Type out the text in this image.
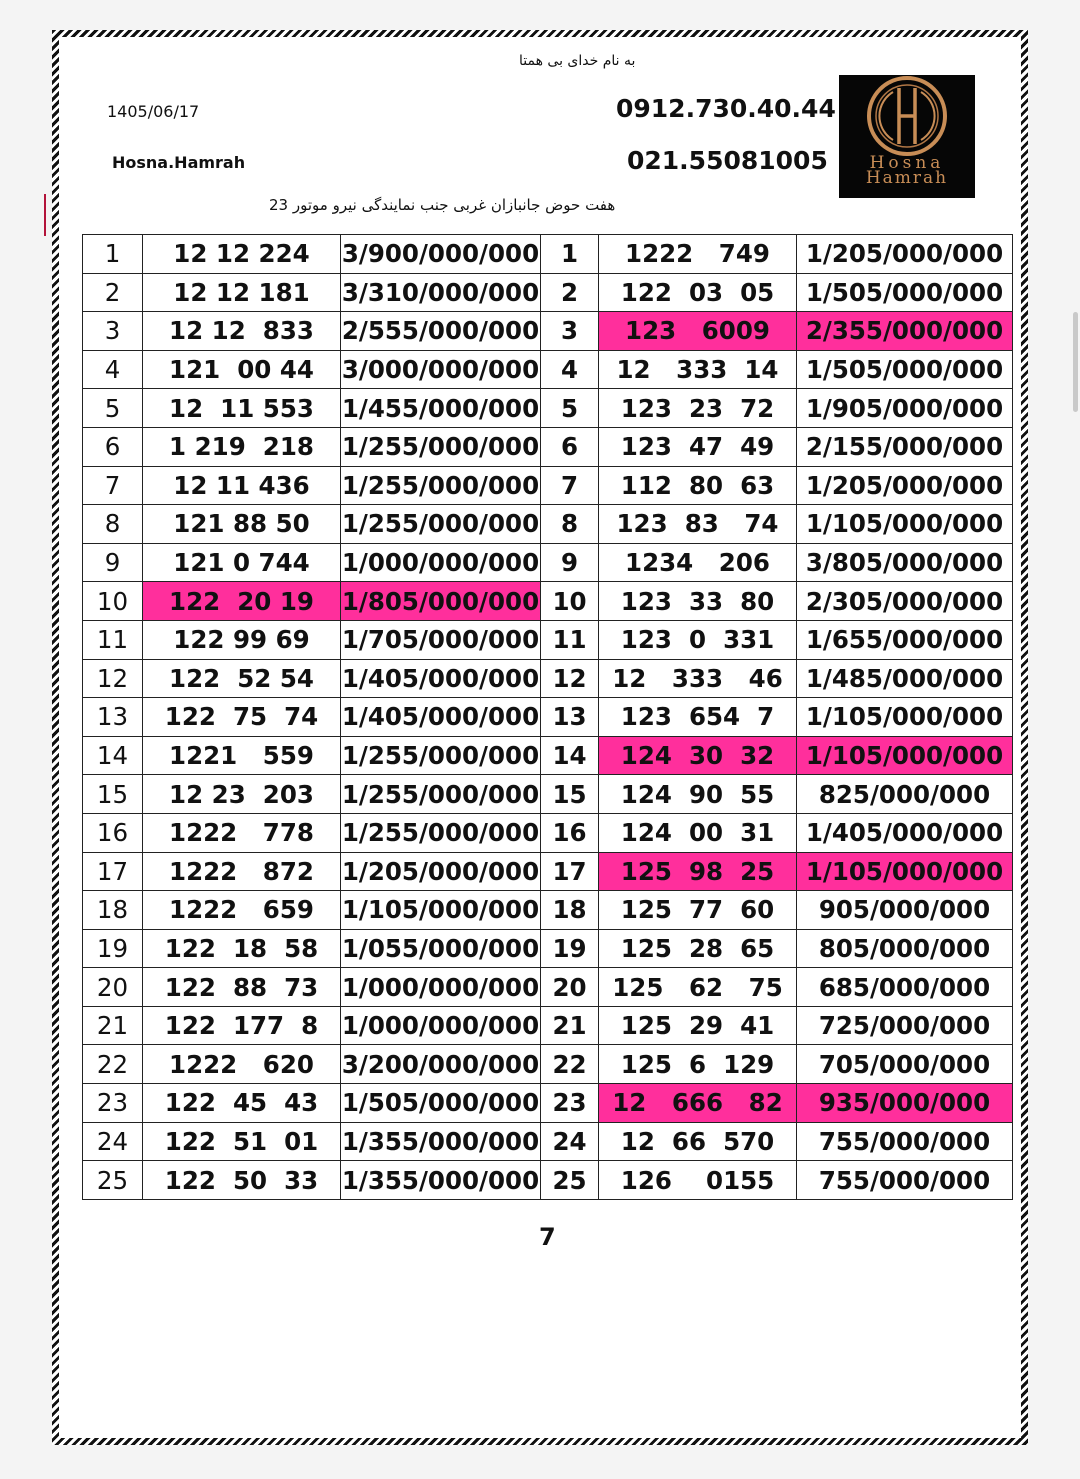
به نام خدای بی همتا
1405/06/17
Hosna.Hamrah
0912.730.40.44
021.55081005
هفت حوض جانبازان غربی جنب نمایندگی نیرو موتور 23
Hosna
Hamrah
1	12 12 224	3/900/000/000	1	1222   749	1/205/000/000
2	12 12 181	3/310/000/000	2	122  03  05	1/505/000/000
3	12 12  833	2/555/000/000	3	123   6009	2/355/000/000
4	121  00 44	3/000/000/000	4	12   333  14	1/505/000/000
5	12  11 553	1/455/000/000	5	123  23  72	1/905/000/000
6	1 219  218	1/255/000/000	6	123  47  49	2/155/000/000
7	12 11 436	1/255/000/000	7	112  80  63	1/205/000/000
8	121 88 50	1/255/000/000	8	123  83   74	1/105/000/000
9	121 0 744	1/000/000/000	9	1234   206	3/805/000/000
10	122  20 19	1/805/000/000	10	123  33  80	2/305/000/000
11	122 99 69	1/705/000/000	11	123  0  331	1/655/000/000
12	122  52 54	1/405/000/000	12	12   333   46	1/485/000/000
13	122  75  74	1/405/000/000	13	123  654  7	1/105/000/000
14	1221   559	1/255/000/000	14	124  30  32	1/105/000/000
15	12 23  203	1/255/000/000	15	124  90  55	825/000/000
16	1222   778	1/255/000/000	16	124  00  31	1/405/000/000
17	1222   872	1/205/000/000	17	125  98  25	1/105/000/000
18	1222   659	1/105/000/000	18	125  77  60	905/000/000
19	122  18  58	1/055/000/000	19	125  28  65	805/000/000
20	122  88  73	1/000/000/000	20	125   62   75	685/000/000
21	122  177  8	1/000/000/000	21	125  29  41	725/000/000
22	1222   620	3/200/000/000	22	125  6  129	705/000/000
23	122  45  43	1/505/000/000	23	12   666   82	935/000/000
24	122  51  01	1/355/000/000	24	12  66  570	755/000/000
25	122  50  33	1/355/000/000	25	126    0155	755/000/000
7
